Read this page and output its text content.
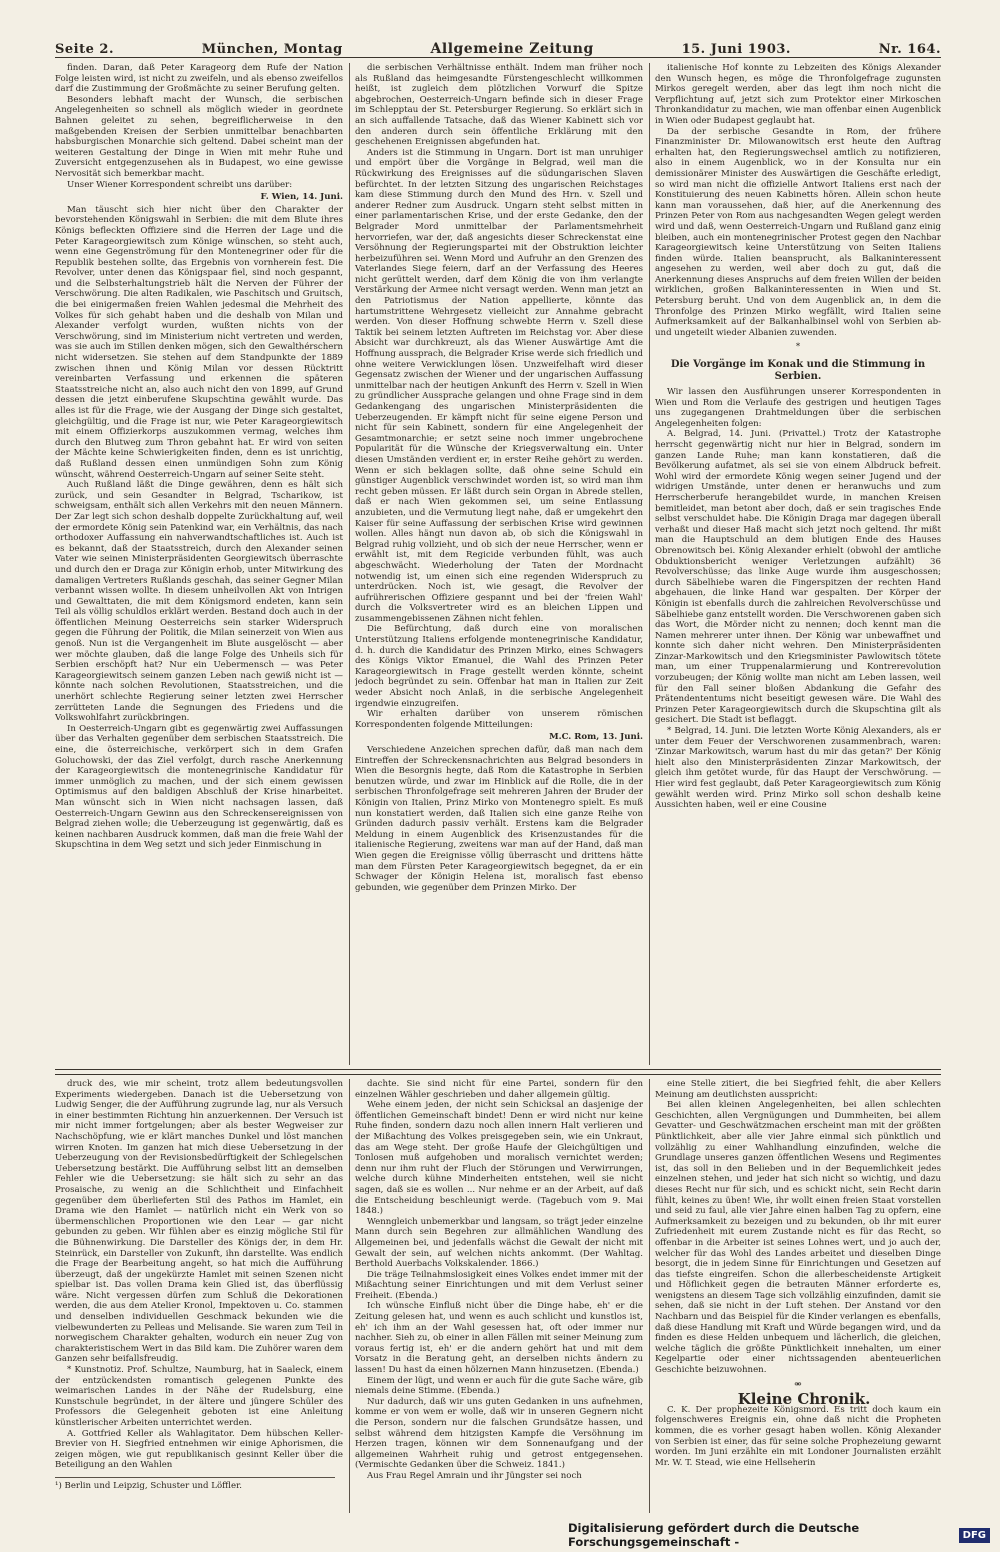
Seite 2.	München, Montag	Allgemeine Zeitung	15. Juni 1903.	Nr. 164.

finden. Daran, daß Peter Karageorg dem Rufe der Nation Folge leisten wird, ist nicht zu zweifeln, und als ebenso zweifellos darf die Zustimmung der Großmächte zu seiner Berufung gelten.

Besonders lebhaft macht der Wunsch, die serbischen Angelegenheiten so schnell als möglich wieder in geordnete Bahnen geleitet zu sehen, begreiflicherweise in den maßgebenden Kreisen der Serbien unmittelbar benachbarten habsburgischen Monarchie sich geltend. Dabei scheint man der weiteren Gestaltung der Dinge in Wien mit mehr Ruhe und Zuversicht entgegenzusehen als in Budapest, wo eine gewisse Nervosität sich bemerkbar macht.

Unser Wiener Korrespondent schreibt uns darüber:

F. Wien, 14. Juni.

Man täuscht sich hier nicht über den Charakter der bevorstehenden Königswahl in Serbien: die mit dem Blute ihres Königs befleckten Offiziere sind die Herren der Lage und die Peter Karageorgiewitsch zum Könige wünschen, so steht auch, wenn eine Gegenströmung für den Montenegriner oder für die Republik bestehen sollte, das Ergebnis von vornherein fest. Die Revolver, unter denen das Königspaar fiel, sind noch gespannt, und die Selbsterhaltungstrieb hält die Nerven der Führer der Verschwörung. Die alten Radikalen, wie Paschitsch und Gruitsch, die bei einigermaßen freien Wahlen jedesmal die Mehrheit des Volkes für sich gehabt haben und die deshalb von Milan und Alexander verfolgt wurden, wußten nichts von der Verschwörung, sind im Ministerium nicht vertreten und werden, was sie auch im Stillen denken mögen, sich den Gewalthérschern nicht widersetzen. Sie stehen auf dem Standpunkte der 1889 zwischen ihnen und König Milan vor dessen Rücktritt vereinbarten Verfassung und erkennen die späteren Staatsstreiche nicht an, also auch nicht den von 1899, auf Grund dessen die jetzt einberufene Skupschtina gewählt wurde. Das alles ist für die Frage, wie der Ausgang der Dinge sich gestaltet, gleichgültig, und die Frage ist nur, wie Peter Karageorgiewitsch mit einem Offizierkorps auszukommen vermag, welches ihm durch den Blutweg zum Thron gebahnt hat. Er wird von seiten der Mächte keine Schwierigkeiten finden, denn es ist unrichtig, daß Rußland dessen einen unmündigen Sohn zum König wünscht, während Oesterreich-Ungarn auf seiner Seite steht.

Auch Rußland läßt die Dinge gewähren, denn es hält sich zurück, und sein Gesandter in Belgrad, Tscharikow, ist schweigsam, enthält sich allen Verkehrs mit den neuen Männern. Der Zar legt sich schon deshalb doppelte Zurückhaltung auf, weil der ermordete König sein Patenkind war, ein Verhältnis, das nach orthodoxer Auffassung ein nahverwandtschaftliches ist. Auch ist es bekannt, daß der Staatsstreich, durch den Alexander seinen Vater wie seinen Ministerpräsidenten Georgiewitsch überraschte und durch den er Draga zur Königin erhob, unter Mitwirkung des damaligen Vertreters Rußlands geschah, das seiner Gegner Milan verbannt wissen wollte. In diesem unheilvollen Akt von Intrigen und Gewalttaten, die mit dem Königsmord endeten, kann sein Teil als völlig schuldlos erklärt werden. Bestand doch auch in der öffentlichen Meinung Oesterreichs sein starker Widerspruch gegen die Führung der Politik, die Milan seinerzeit von Wien aus genoß. Nun ist die Vergangenheit im Blute ausgelöscht — aber wer möchte glauben, daß die lange Folge des Unheils sich für Serbien erschöpft hat? Nur ein Uebermensch — was Peter Karageorgiewitsch seinem ganzen Leben nach gewiß nicht ist — könnte nach solchen Revolutionen, Staatsstreichen, und die unerhört schlechte Regierung seiner letzten zwei Herrscher zerrütteten Lande die Segnungen des Friedens und die Volkswohlfahrt zurückbringen.

In Oesterreich-Ungarn gibt es gegenwärtig zwei Auffassungen über das Verhalten gegenüber dem serbischen Staatsstreich. Die eine, die österreichische, verkörpert sich in dem Grafen Goluchowski, der das Ziel verfolgt, durch rasche Anerkennung der Karageorgiewitsch die montenegrinische Kandidatur für immer unmöglich zu machen, und der sich einem gewissen Optimismus auf den baldigen Abschluß der Krise hinarbeitet. Man wünscht sich in Wien nicht nachsagen lassen, daß Oesterreich-Ungarn Gewinn aus den Schreckensereignissen von Belgrad ziehen wolle; die Ueberzeugung ist gegenwärtig, daß es keinen nachbaren Ausdruck kommen, daß man die freie Wahl der Skupschtina in dem Weg setzt und sich jeder Einmischung in

die serbischen Verhältnisse enthält. Indem man früher noch als Rußland das heimgesandte Fürstengeschlecht willkommen heißt, ist zugleich dem plötzlichen Vorwurf die Spitze abgebrochen, Oesterreich-Ungarn befinde sich in dieser Frage im Schlepptau der St. Petersburger Regierung. So erklärt sich in an sich auffallende Tatsache, daß das Wiener Kabinett sich vor den anderen durch sein öffentliche Erklärung mit den geschehenen Ereignissen abgefunden hat.

Anders ist die Stimmung in Ungarn. Dort ist man unruhiger und empört über die Vorgänge in Belgrad, weil man die Rückwirkung des Ereignisses auf die südungarischen Slaven befürchtet. In der letzten Sitzung des ungarischen Reichstages kam diese Stimmung durch den Mund des Hrn. v. Szell und anderer Redner zum Ausdruck. Ungarn steht selbst mitten in einer parlamentarischen Krise, und der erste Gedanke, den der Belgrader Mord unmittelbar der Parlamentsmehrheit hervorriefen, war der, daß angesichts dieser Schreckenstat eine Versöhnung der Regierungspartei mit der Obstruktion leichter herbeizuführen sei. Wenn Mord und Aufruhr an den Grenzen des Vaterlandes Siege feiern, darf an der Verfassung des Heeres nicht gerüttelt werden, darf dem König die von ihm verlangte Verstärkung der Armee nicht versagt werden. Wenn man jetzt an den Patriotismus der Nation appellierte, könnte das hartumstrittene Wehrgesetz vielleicht zur Annahme gebracht werden. Von dieser Hoffnung schwebte Herrn v. Szell diese Taktik bei seinem letzten Auftreten im Reichstag vor. Aber diese Absicht war durchkreuzt, als das Wiener Auswärtige Amt die Hoffnung aussprach, die Belgrader Krise werde sich friedlich und ohne weitere Verwicklungen lösen. Unzweifelhaft wird dieser Gegensatz zwischen der Wiener und der ungarischen Auffassung unmittelbar nach der heutigen Ankunft des Herrn v. Szell in Wien zu gründlicher Aussprache gelangen und ohne Frage sind in dem Gedankengang des ungarischen Ministerpräsidenten die Ueberzeugenden. Er kämpft nicht für seine eigene Person und nicht für sein Kabinett, sondern für eine Angelegenheit der Gesamtmonarchie; er setzt seine noch immer ungebrochene Popularität für die Wünsche der Kriegsverwaltung ein. Unter diesen Umständen verdient er, in erster Reihe gehört zu werden. Wenn er sich beklagen sollte, daß ohne seine Schuld ein günstiger Augenblick verschwindet worden ist, so wird man ihm recht geben müssen. Er läßt durch sein Organ in Abrede stellen, daß er nach Wien gekommen sei, um seine Entlassung anzubieten, und die Vermutung liegt nahe, daß er umgekehrt den Kaiser für seine Auffassung der serbischen Krise wird gewinnen wollen. Alles hängt nun davon ab, ob sich die Königswahl in Belgrad ruhig vollzieht, und ob sich der neue Herrscher, wenn er erwählt ist, mit dem Regicide verbunden fühlt, was auch abgeschwächt. Wiederholung der Taten der Mordnacht notwendig ist, um einen sich eine regenden Widerspruch zu unterdrücken. Noch ist, wie gesagt, die Revolver der aufrührerischen Offiziere gespannt und bei der 'freien Wahl' durch die Volksvertreter wird es an bleichen Lippen und zusammengebissenen Zähnen nicht fehlen.

Die Befürchtung, daß durch eine von moralischen Unterstützung Italiens erfolgende montenegrinische Kandidatur, d. h. durch die Kandidatur des Prinzen Mirko, eines Schwagers des Königs Viktor Emanuel, die Wahl des Prinzen Peter Karageorgiewitsch in Frage gestellt werden könnte, scheint jedoch begründet zu sein. Offenbar hat man in Italien zur Zeit weder Absicht noch Anlaß, in die serbische Angelegenheit irgendwie einzugreifen.

Wir erhalten darüber von unserem römischen Korrespondenten folgende Mitteilungen:

M.C. Rom, 13. Juni.

Verschiedene Anzeichen sprechen dafür, daß man nach dem Eintreffen der Schreckensnachrichten aus Belgrad besonders in Wien die Besorgnis hegte, daß Rom die Katastrophe in Serbien benutzen würde, und zwar im Hinblick auf die Rolle, die in der serbischen Thronfolgefrage seit mehreren Jahren der Bruder der Königin von Italien, Prinz Mirko von Montenegro spielt. Es muß nun konstatiert werden, daß Italien sich eine ganze Reihe von Gründen dadurch passiv verhält. Erstens kam die Belgrader Meldung in einem Augenblick des Krisenzustandes für die italienische Regierung, zweitens war man auf der Hand, daß man Wien gegen die Ereignisse völlig überrascht und drittens hätte man dem Fürsten Peter Karageorgiewitsch begegnet, da er ein Schwager der Königin Helena ist, moralisch fast ebenso gebunden, wie gegenüber dem Prinzen Mirko. Der

italienische Hof konnte zu Lebzeiten des Königs Alexander den Wunsch hegen, es möge die Thronfolgefrage zugunsten Mirkos geregelt werden, aber das legt ihm noch nicht die Verpflichtung auf, jetzt sich zum Protektor einer Mirkoschen Thronkandidatur zu machen, wie man offenbar einen Augenblick in Wien oder Budapest geglaubt hat.

Da der serbische Gesandte in Rom, der frühere Finanzminister Dr. Milowanowitsch erst heute den Auftrag erhalten hat, den Regierungswechsel amtlich zu notifizieren, also in einem Augenblick, wo in der Konsulta nur ein demissionärer Minister des Auswärtigen die Geschäfte erledigt, so wird man nicht die offizielle Antwort Italiens erst nach der Konstituierung des neuen Kabinetts hören. Allein schon heute kann man voraussehen, daß hier, auf die Anerkennung des Prinzen Peter von Rom aus nachgesandten Wegen gelegt werden wird und daß, wenn Oesterreich-Ungarn und Rußland ganz einig bleiben, auch ein montenegrinischer Protest gegen den Nachbar Karageorgiewitsch keine Unterstützung von Seiten Italiens finden würde. Italien beansprucht, als Balkaninteressent angesehen zu werden, weil aber doch zu gut, daß die Anerkennung dieses Anspruchs auf dem freien Willen der beiden wirklichen, großen Balkaninteressenten in Wien und St. Petersburg beruht. Und von dem Augenblick an, in dem die Thronfolge des Prinzen Mirko wegfällt, wird Italien seine Aufmerksamkeit auf der Balkanhalbinsel wohl von Serbien ab- und ungeteilt wieder Albanien zuwenden.

*

Die Vorgänge im Konak und die Stimmung in Serbien.

Wir lassen den Ausführungen unserer Korrespondenten in Wien und Rom die Verlaufe des gestrigen und heutigen Tages uns zugegangenen Drahtmeldungen über die serbischen Angelegenheiten folgen:

A. Belgrad, 14. Juni. (Privattel.) Trotz der Katastrophe herrscht gegenwärtig nicht nur hier in Belgrad, sondern im ganzen Lande Ruhe; man kann konstatieren, daß die Bevölkerung aufatmet, als sei sie von einem Albdruck befreit. Wohl wird der ermordete König wegen seiner Jugend und der widrigen Umstände, unter denen er heranwuchs und zum Herrscherberufe herangebildet wurde, in manchen Kreisen bemitleidet, man betont aber doch, daß er sein tragisches Ende selbst verschuldet habe. Die Königin Draga mar dagegen überall verhaßt und dieser Haß macht sich jetzt noch geltend. Ihr mißt man die Hauptschuld an dem blutigen Ende des Hauses Obrenowitsch bei. König Alexander erhielt (obwohl der amtliche Obduktionsbericht weniger Verletzungen aufzählt) 36 Revolverschüsse; das linke Auge wurde ihm ausgeschossen; durch Säbelhiebe waren die Fingerspitzen der rechten Hand abgehauen, die linke Hand war gespalten. Der Körper der Königin ist ebenfalls durch die zahlreichen Revolverschüsse und Säbelhiebe ganz entstellt worden. Die Verschworenen gaben sich das Wort, die Mörder nicht zu nennen; doch kennt man die Namen mehrerer unter ihnen. Der König war unbewaffnet und konnte sich daher nicht wehren. Den Ministerpräsidenten Zinzar-Markowitsch und den Kriegsminister Pawlowitsch tötete man, um einer Truppenalarmierung und Kontrerevolution vorzubeugen; der König wollte man nicht am Leben lassen, weil für den Fall seiner bloßen Abdankung die Gefahr des Prätendententums nicht beseitigt gewesen wäre. Die Wahl des Prinzen Peter Karageorgiewitsch durch die Skupschtina gilt als gesichert. Die Stadt ist beflaggt.

* Belgrad, 14. Juni. Die letzten Worte König Alexanders, als er unter dem Feuer der Verschworenen zusammenbrach, waren: 'Zinzar Markowitsch, warum hast du mir das getan?' Der König hielt also den Ministerpräsidenten Zinzar Markowitsch, der gleich ihm getötet wurde, für das Haupt der Verschwörung. — Hier wird fest geglaubt, daß Peter Karageorgiewitsch zum König gewählt werden wird. Prinz Mirko soll schon deshalb keine Aussichten haben, weil er eine Cousine

druck des, wie mir scheint, trotz allem bedeutungsvollen Experiments wiedergeben. Danach ist die Uebersetzung von Ludwig Senger, die der Aufführung zugrunde lag, nur als Versuch in einer bestimmten Richtung hin anzuerkennen. Der Versuch ist mir nicht immer fortgelungen; aber als bester Wegweiser zur Nachschöpfung, wie er klärt manches Dunkel und löst manchen wirren Knoten. Im ganzen hat mich diese Uebersetzung in der Ueberzeugung von der Revisionsbedürftigkeit der Schlegelschen Uebersetzung bestärkt. Die Aufführung selbst litt an demselben Fehler wie die Uebersetzung: sie hält sich zu sehr an das Prosaische, zu wenig an die Schlichtheit und Einfachheit gegenüber dem überlieferten Stil des Pathos im Hamlet, ein Drama wie den Hamlet — natürlich nicht ein Werk von so übermenschlichen Proportionen wie den Lear — gar nicht gebunden zu geben. Wir fühlen aber es einzig mögliche Stil für die Bühnenwirkung. Die Darsteller des Königs der, in dem Hr. Steinrück, ein Darsteller von Zukunft, ihn darstellte. Was endlich die Frage der Bearbeitung angeht, so hat mich die Aufführung überzeugt, daß der ungekürzte Hamlet mit seinen Szenen nicht spielbar ist. Das vollen Drama kein Glied ist, das überflüssig wäre. Nicht vergessen dürfen zum Schluß die Dekorationen werden, die aus dem Atelier Kronol, Impektoven u. Co. stammen und denselben individuellen Geschmack bekunden wie die vielbewunderten zu Pelleas und Melisande. Sie waren zum Teil in norwegischem Charakter gehalten, wodurch ein neuer Zug von charakteristischem Wert in das Bild kam. Die Zuhörer waren dem Ganzen sehr beifallsfreudig.

* Kunstnotiz. Prof. Schultze, Naumburg, hat in Saaleck, einem der entzückendsten romantisch gelegenen Punkte des weimarischen Landes in der Nähe der Rudelsburg, eine Kunstschule begründet, in der ältere und jüngere Schüler des Professors die Gelegenheit geboten ist eine Anleitung künstlerischer Arbeiten unterrichtet werden.

A. Gottfried Keller als Wahlagitator. Dem hübschen Keller-Brevier von H. Siegfried entnehmen wir einige Aphorismen, die zeigen mögen, wie gut republikanisch gesinnt Keller über die Beteiligung an den Wahlen

¹) Berlin und Leipzig, Schuster und Löffler.

dachte. Sie sind nicht für eine Partei, sondern für den einzelnen Wähler geschrieben und daher allgemein gültig.

Wehe einem jeden, der nicht sein Schicksal an dasjenige der öffentlichen Gemeinschaft bindet! Denn er wird nicht nur keine Ruhe finden, sondern dazu noch allen innern Halt verlieren und der Mißachtung des Volkes preisgegeben sein, wie ein Unkraut, das am Wege steht. Der große Haufe der Gleichgültigen und Tonlosen muß aufgehoben und moralisch vernichtet werden; denn nur ihm ruht der Fluch der Störungen und Verwirrungen, welche durch kühne Minderheiten entstehen, weil sie nicht sagen, daß sie es wollen ... Nur nehme er an der Arbeit, auf daß die Entscheidung beschleunigt werde. (Tagebuch vom 9. Mai 1848.)

Wenngleich unbemerkbar und langsam, so trägt jeder einzelne Mann durch sein Begehren zur allmählichen Wandlung des Allgemeinen bei, und jedenfalls wächst die Gewalt der nicht mit Gewalt der sein, auf welchen nichts ankommt. (Der Wahltag. Berthold Auerbachs Volkskalender. 1866.)

Die träge Teilnahmslosigkeit eines Volkes endet immer mit der Mißachtung seiner Einrichtungen und mit dem Verlust seiner Freiheit. (Ebenda.)

Ich wünsche Einfluß nicht über die Dinge habe, eh' er die Zeitung gelesen hat, und wenn es auch schlicht und kunstlos ist, eh' ich ihm an der Wahl gesessen hat, oft oder immer nur nachher. Sieh zu, ob einer in allen Fällen mit seiner Meinung zum voraus fertig ist, eh' er die andern gehört hat und mit dem Vorsatz in die Beratung geht, an derselben nichts ändern zu lassen! Du hast da einen hölzernen Mann hinzusetzen. (Ebenda.)

Einem der lügt, und wenn er auch für die gute Sache wäre, gib niemals deine Stimme. (Ebenda.)

Nur dadurch, daß wir uns guten Gedanken in uns aufnehmen, komme er von wem er wolle, daß wir in unseren Gegnern nicht die Person, sondern nur die falschen Grundsätze hassen, und selbst während dem hitzigsten Kampfe die Versöhnung im Herzen tragen, können wir dem Sonnenaufgang und der allgemeinen Wahrheit ruhig und getrost entgegensehen. (Vermischte Gedanken über die Schweiz. 1841.)

Aus Frau Regel Amrain und ihr Jüngster sei noch

eine Stelle zitiert, die bei Siegfried fehlt, die aber Kellers Meinung am deutlichsten ausspricht:

Bei allen kleinen Angelegenheiten, bei allen schlechten Geschichten, allen Vergnügungen und Dummheiten, bei allem Gevatter- und Geschwätzmachen erscheint man mit der größten Pünktlichkeit, aber alle vier Jahre einmal sich pünktlich und vollzählig zu einer Wahlhandlung einzufinden, welche die Grundlage unseres ganzen öffentlichen Wesens und Regimentes ist, das soll in den Belieben und in der Bequemlichkeit jedes einzelnen stehen, und jeder hat sich nicht so wichtig, und dazu dieses Recht nur für sich, und es schickt nicht, sein Recht darin fühlt, keines zu üben! Wie, ihr wollt einen freien Staat vorstellen und seid zu faul, alle vier Jahre einen halben Tag zu opfern, eine Aufmerksamkeit zu bezeigen und zu bekunden, ob ihr mit eurer Zufriedenheit mit eurem Zustande nicht es für das Recht, so offenbar in die Arbeiter ist seines Lohnes wert, und jo auch der, welcher für das Wohl des Landes arbeitet und dieselben Dinge besorgt, die in jedem Sinne für Einrichtungen und Gesetzen auf das tiefste eingreifen. Schon die allerbescheidenste Artigkeit und Höflichkeit gegen die betrauten Männer erforderte es, wenigstens an diesem Tage sich vollzählig einzufinden, damit sie sehen, daß sie nicht in der Luft stehen. Der Anstand vor den Nachbarn und das Beispiel für die Kinder verlangen es ebenfalls, daß diese Handlung mit Kraft und Würde begangen wird, und da finden es diese Helden unbequem und lächerlich, die gleichen, welche täglich die größte Pünktlichkeit innehalten, um einer Kegelpartie oder einer nichtssagenden abenteuerlichen Geschichte beizuwohnen.

⚮

Kleine Chronik.

C. K. Der prophezeite Königsmord. Es tritt doch kaum ein folgenschweres Ereignis ein, ohne daß nicht die Propheten kommen, die es vorher gesagt haben wollen. König Alexander von Serbien ist einer, das für seine solche Prophezeiung gewarnt worden. Im Juni erzählte ein mit Londoner Journalisten erzählt Mr. W. T. Stead, wie eine Hellseherin

Digitalisierung gefördert durch die Deutsche Forschungsgemeinschaft -	DFG
